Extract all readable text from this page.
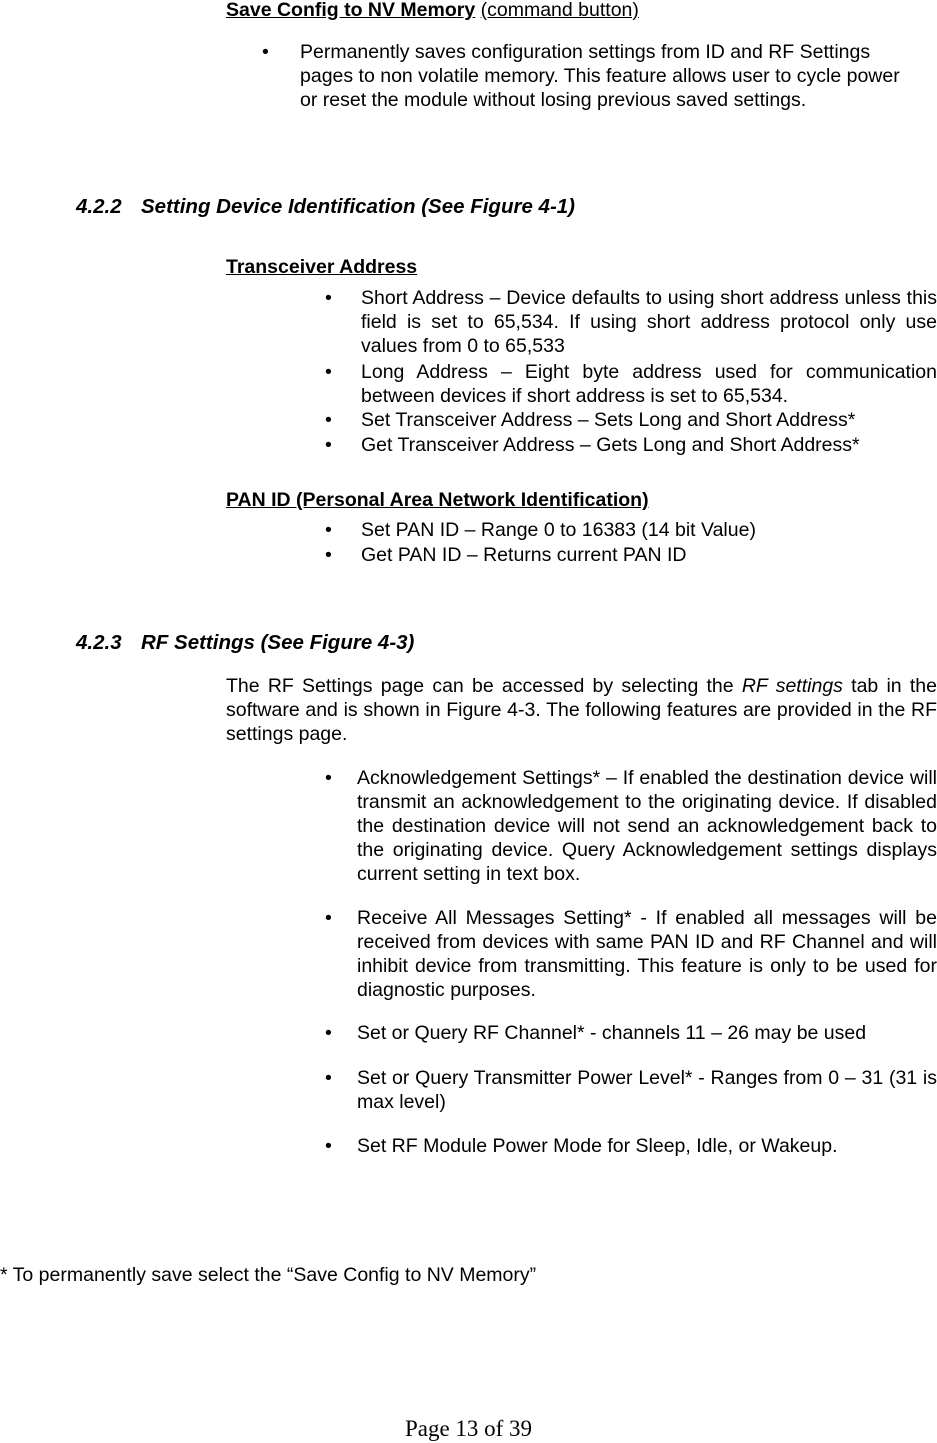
Save Config to NV Memory (command button)
• Permanently saves configuration settings from ID and RF Settings pages to non volatile memory. This feature allows user to cycle power or reset the module without losing previous saved settings.
4.2.2 Setting Device Identification (See Figure 4-1)
Transceiver Address
• Short Address – Device defaults to using short address unless this field is set to 65,534. If using short address protocol only use values from 0 to 65,533
• Long Address – Eight byte address used for communication between devices if short address is set to 65,534.
• Set Transceiver Address – Sets Long and Short Address*
• Get Transceiver Address – Gets Long and Short Address*
PAN ID (Personal Area Network Identification)
• Set PAN ID – Range 0 to 16383 (14 bit Value)
• Get PAN ID – Returns current PAN ID
4.2.3 RF Settings (See Figure 4-3)
The RF Settings page can be accessed by selecting the RF settings tab in the software and is shown in Figure 4-3. The following features are provided in the RF settings page.
• Acknowledgement Settings* – If enabled the destination device will transmit an acknowledgement to the originating device. If disabled the destination device will not send an acknowledgement back to the originating device. Query Acknowledgement settings displays current setting in text box.
• Receive All Messages Setting* - If enabled all messages will be received from devices with same PAN ID and RF Channel and will inhibit device from transmitting. This feature is only to be used for diagnostic purposes.
• Set or Query RF Channel* - channels 11 – 26 may be used
• Set or Query Transmitter Power Level* - Ranges from 0 – 31 (31 is max level)
• Set RF Module Power Mode for Sleep, Idle, or Wakeup.
* To permanently save select the “Save Config to NV Memory”
Page 13 of 39
